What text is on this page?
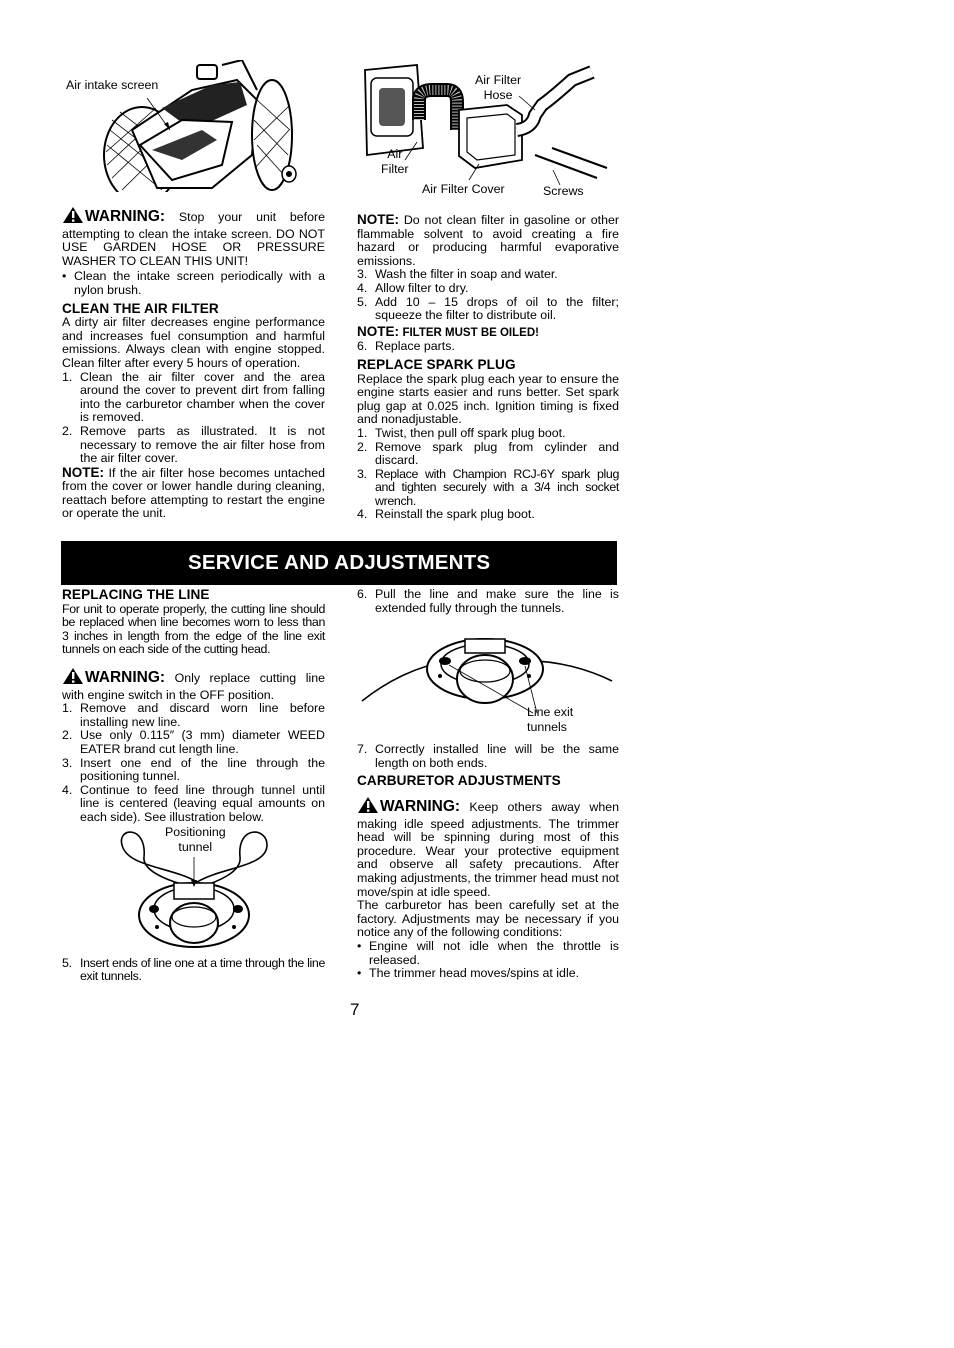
Air intake screen

WARNING: Stop your unit before attempting to clean the intake screen. DO NOT USE GARDEN HOSE OR PRESSURE WASHER TO CLEAN THIS UNIT!

• Clean the intake screen periodically with a nylon brush.
CLEAN THE AIR FILTER

A dirty air filter decreases engine performance and increases fuel consumption and harmful emissions. Always clean with engine stopped. Clean filter after every 5 hours of operation.

1. Clean the air filter cover and the area around the cover to prevent dirt from falling into the carburetor chamber when the cover is removed.
2. Remove parts as illustrated. It is not necessary to remove the air filter hose from the air filter cover.

NOTE: If the air filter hose becomes untached from the cover or lower handle during cleaning, reattach before attempting to restart the engine or operate the unit.

Air Filter
Hose
Air
Filter
Air Filter Cover	Screws

NOTE: Do not clean filter in gasoline or other flammable solvent to avoid creating a fire hazard or producing harmful evaporative emissions.

3. Wash the filter in soap and water.
4. Allow filter to dry.
5. Add 10 – 15 drops of oil to the filter; squeeze the filter to distribute oil.

NOTE: FILTER MUST BE OILED!

6. Replace parts.
REPLACE SPARK PLUG

Replace the spark plug each year to ensure the engine starts easier and runs better. Set spark plug gap at 0.025 inch. Ignition timing is fixed and nonadjustable.

1. Twist, then pull off spark plug boot.
2. Remove spark plug from cylinder and discard.
3. Replace with Champion RCJ-6Y spark plug and tighten securely with a 3/4 inch socket wrench.
4. Reinstall the spark plug boot.
SERVICE AND ADJUSTMENTS
REPLACING THE LINE

For unit to operate properly, the cutting line should be replaced when line becomes worn to less than 3 inches in length from the edge of the line exit tunnels on each side of the cutting head.

WARNING: Only replace cutting line with engine switch in the OFF position.

1. Remove and discard worn line before installing new line.
2. Use only 0.115″ (3 mm) diameter WEED EATER brand cut length line.
3. Insert one end of the line through the positioning tunnel.
4. Continue to feed line through tunnel until line is centered (leaving equal amounts on each side). See illustration below.
Positioning
tunnel
5. Insert ends of line one at a time through the line exit tunnels.
6. Pull the line and make sure the line is extended fully through the tunnels.
Line exit
tunnels
7. Correctly installed line will be the same length on both ends.
CARBURETOR ADJUSTMENTS

WARNING: Keep others away when making idle speed adjustments. The trimmer head will be spinning during most of this procedure. Wear your protective equipment and observe all safety precautions. After making adjustments, the trimmer head must not move/spin at idle speed.

The carburetor has been carefully set at the factory. Adjustments may be necessary if you notice any of the following conditions:

• Engine will not idle when the throttle is released.
• The trimmer head moves/spins at idle.
7
